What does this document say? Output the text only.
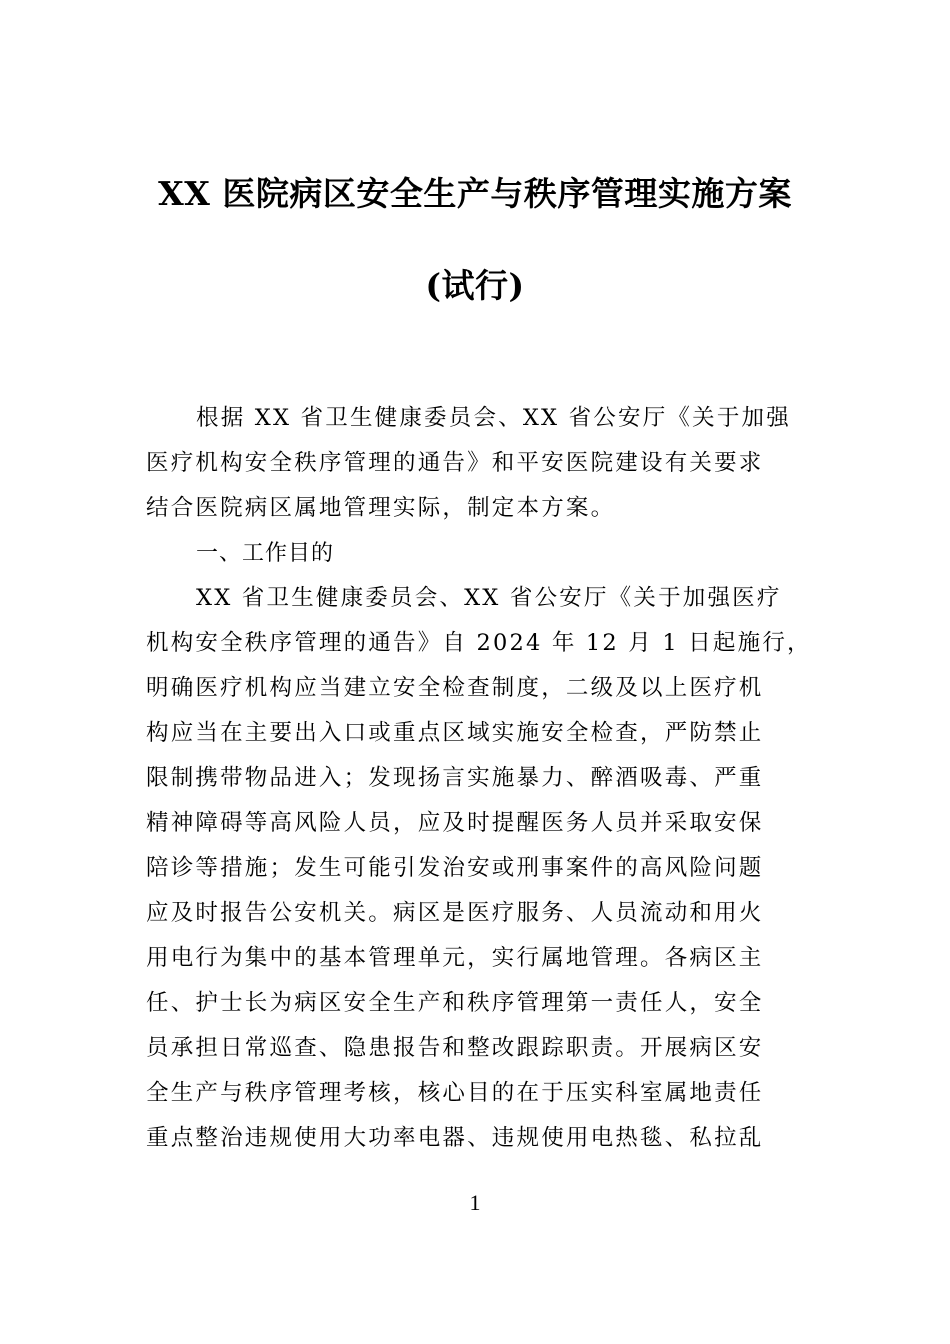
XX 医院病区安全生产与秩序管理实施方案
(试行)
根据 XX 省卫生健康委员会、XX 省公安厅《关于加强
医疗机构安全秩序管理的通告》和平安医院建设有关要求
结合医院病区属地管理实际，制定本方案。
一、工作目的
XX 省卫生健康委员会、XX 省公安厅《关于加强医疗
机构安全秩序管理的通告》自 2024 年 12 月 1 日起施行，
明确医疗机构应当建立安全检查制度，二级及以上医疗机
构应当在主要出入口或重点区域实施安全检查，严防禁止
限制携带物品进入；发现扬言实施暴力、醉酒吸毒、严重
精神障碍等高风险人员，应及时提醒医务人员并采取安保
陪诊等措施；发生可能引发治安或刑事案件的高风险问题
应及时报告公安机关。病区是医疗服务、人员流动和用火
用电行为集中的基本管理单元，实行属地管理。各病区主
任、护士长为病区安全生产和秩序管理第一责任人，安全
员承担日常巡查、隐患报告和整改跟踪职责。开展病区安
全生产与秩序管理考核，核心目的在于压实科室属地责任
重点整治违规使用大功率电器、违规使用电热毯、私拉乱
1
